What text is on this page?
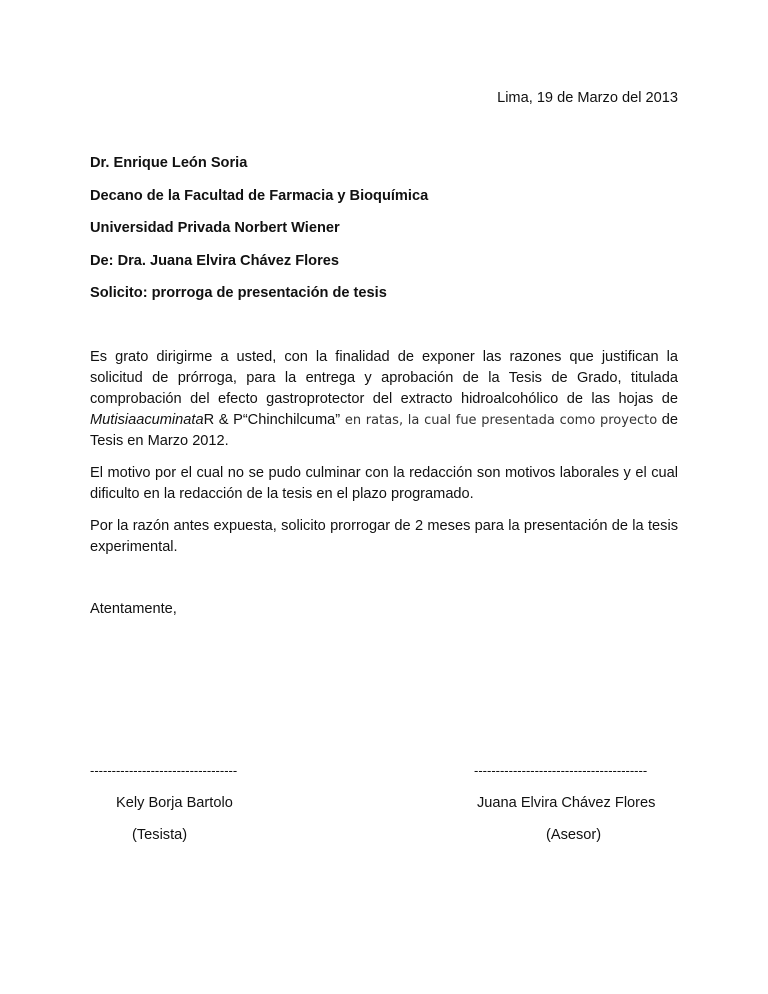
Lima, 19 de Marzo del 2013
Dr. Enrique León Soria
Decano de la Facultad de Farmacia y Bioquímica
Universidad Privada Norbert Wiener
De: Dra. Juana Elvira Chávez Flores
Solicito: prorroga de presentación de tesis

Es grato dirigirme a usted, con la finalidad de exponer las razones que justifican la solicitud de prórroga, para la entrega y aprobación de la Tesis de Grado, titulada comprobación del efecto gastroprotector del extracto hidroalcohólico de las hojas de MutisiaacuminataR & P“Chinchilcuma” en ratas, la cual fue presentada como proyecto de Tesis en Marzo 2012.

El motivo por el cual no se pudo culminar con la redacción son motivos laborales y el cual dificulto en la redacción de la tesis en el plazo programado.

Por la razón antes expuesta, solicito prorrogar de 2 meses para la presentación de la tesis experimental.

Atentamente,
----------------------------------	----------------------------------------
Kely Borja Bartolo	Juana Elvira Chávez Flores
(Tesista)	(Asesor)
